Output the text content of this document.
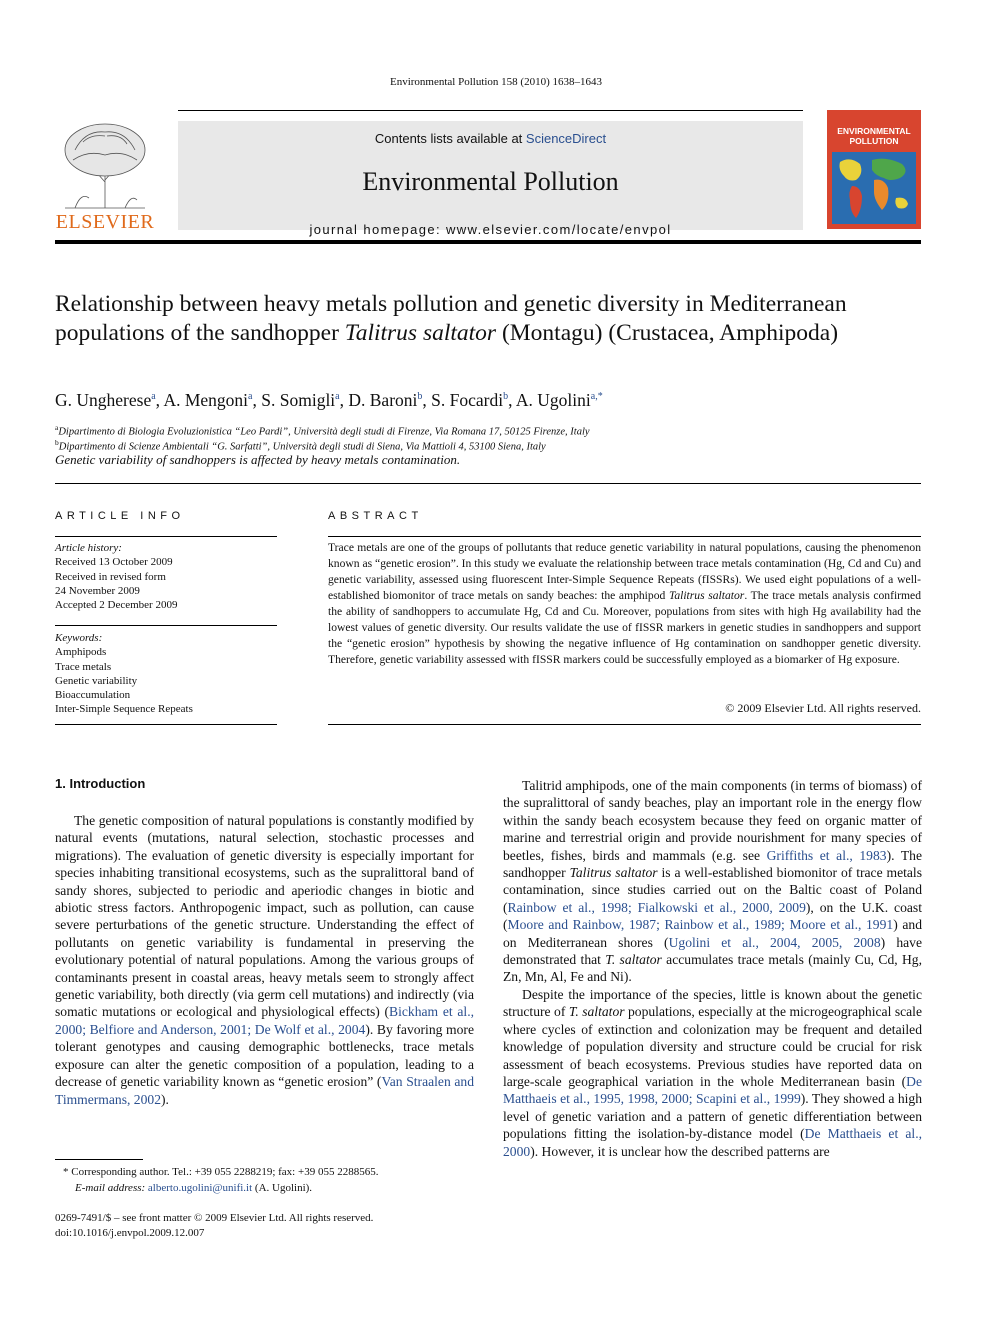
Environmental Pollution 158 (2010) 1638–1643
ELSEVIER
Contents lists available at ScienceDirect
Environmental Pollution
journal homepage: www.elsevier.com/locate/envpol
ENVIRONMENTAL
POLLUTION
Relationship between heavy metals pollution and genetic diversity in Mediterranean populations of the sandhopper Talitrus saltator (Montagu) (Crustacea, Amphipoda)
G. Ungherese$^a$, A. Mengoni$^a$, S. Somigli$^a$, D. Baroni$^b$, S. Focardi$^b$, A. Ugolini$^{a,*}$
$^a$Dipartimento di Biologia Evoluzionistica “Leo Pardi”, Università degli studi di Firenze, Via Romana 17, 50125 Firenze, Italy
$^b$Dipartimento di Scienze Ambientali “G. Sarfatti”, Università degli studi di Siena, Via Mattioli 4, 53100 Siena, Italy
Genetic variability of sandhoppers is affected by heavy metals contamination.
ARTICLE INFO
Article history:
Received 13 October 2009
Received in revised form
24 November 2009
Accepted 2 December 2009
Keywords:
Amphipods
Trace metals
Genetic variability
Bioaccumulation
Inter-Simple Sequence Repeats
ABSTRACT
Trace metals are one of the groups of pollutants that reduce genetic variability in natural populations, causing the phenomenon known as “genetic erosion”. In this study we evaluate the relationship between trace metals contamination (Hg, Cd and Cu) and genetic variability, assessed using fluorescent Inter-Simple Sequence Repeats (fISSRs). We used eight populations of a well-established biomonitor of trace metals on sandy beaches: the amphipod Talitrus saltator. The trace metals analysis confirmed the ability of sandhoppers to accumulate Hg, Cd and Cu. Moreover, populations from sites with high Hg availability had the lowest values of genetic diversity. Our results validate the use of fISSR markers in genetic studies in sandhoppers and support the “genetic erosion” hypothesis by showing the negative influence of Hg contamination on sandhopper genetic diversity. Therefore, genetic variability assessed with fISSR markers could be successfully employed as a biomarker of Hg exposure.
© 2009 Elsevier Ltd. All rights reserved.
1. Introduction

The genetic composition of natural populations is constantly modified by natural events (mutations, natural selection, stochastic processes and migrations). The evaluation of genetic diversity is especially important for species inhabiting transitional ecosystems, such as the supralittoral band of sandy shores, subjected to periodic and aperiodic changes in biotic and abiotic stress factors. Anthropogenic impact, such as pollution, can cause severe perturbations of the genetic structure. Understanding the effect of pollutants on genetic variability is fundamental in preserving the evolutionary potential of natural populations. Among the various groups of contaminants present in coastal areas, heavy metals seem to strongly affect genetic variability, both directly (via germ cell mutations) and indirectly (via somatic mutations or ecological and physiological effects) (Bickham et al., 2000; Belfiore and Anderson, 2001; De Wolf et al., 2004). By favoring more tolerant genotypes and causing demographic bottlenecks, trace metals exposure can alter the genetic composition of a population, leading to a decrease of genetic variability known as “genetic erosion” (Van Straalen and Timmermans, 2002).

Talitrid amphipods, one of the main components (in terms of biomass) of the supralittoral of sandy beaches, play an important role in the energy flow within the sandy beach ecosystem because they feed on organic matter of marine and terrestrial origin and provide nourishment for many species of beetles, fishes, birds and mammals (e.g. see Griffiths et al., 1983). The sandhopper Talitrus saltator is a well-established biomonitor of trace metals contamination, since studies carried out on the Baltic coast of Poland (Rainbow et al., 1998; Fialkowski et al., 2000, 2009), on the U.K. coast (Moore and Rainbow, 1987; Rainbow et al., 1989; Moore et al., 1991) and on Mediterranean shores (Ugolini et al., 2004, 2005, 2008) have demonstrated that T. saltator accumulates trace metals (mainly Cu, Cd, Hg, Zn, Mn, Al, Fe and Ni).

Despite the importance of the species, little is known about the genetic structure of T. saltator populations, especially at the microgeographical scale where cycles of extinction and colonization may be frequent and detailed knowledge of population diversity and structure could be crucial for risk assessment of beach ecosystems. Previous studies have reported data on large-scale geographical variation in the whole Mediterranean basin (De Matthaeis et al., 1995, 1998, 2000; Scapini et al., 1999). They showed a high level of genetic variation and a pattern of genetic differentiation between populations fitting the isolation-by-distance model (De Matthaeis et al., 2000). However, it is unclear how the described patterns are

* Corresponding author. Tel.: +39 055 2288219; fax: +39 055 2288565.
E-mail address: alberto.ugolini@unifi.it (A. Ugolini).
0269-7491/$ – see front matter © 2009 Elsevier Ltd. All rights reserved.
doi:10.1016/j.envpol.2009.12.007
